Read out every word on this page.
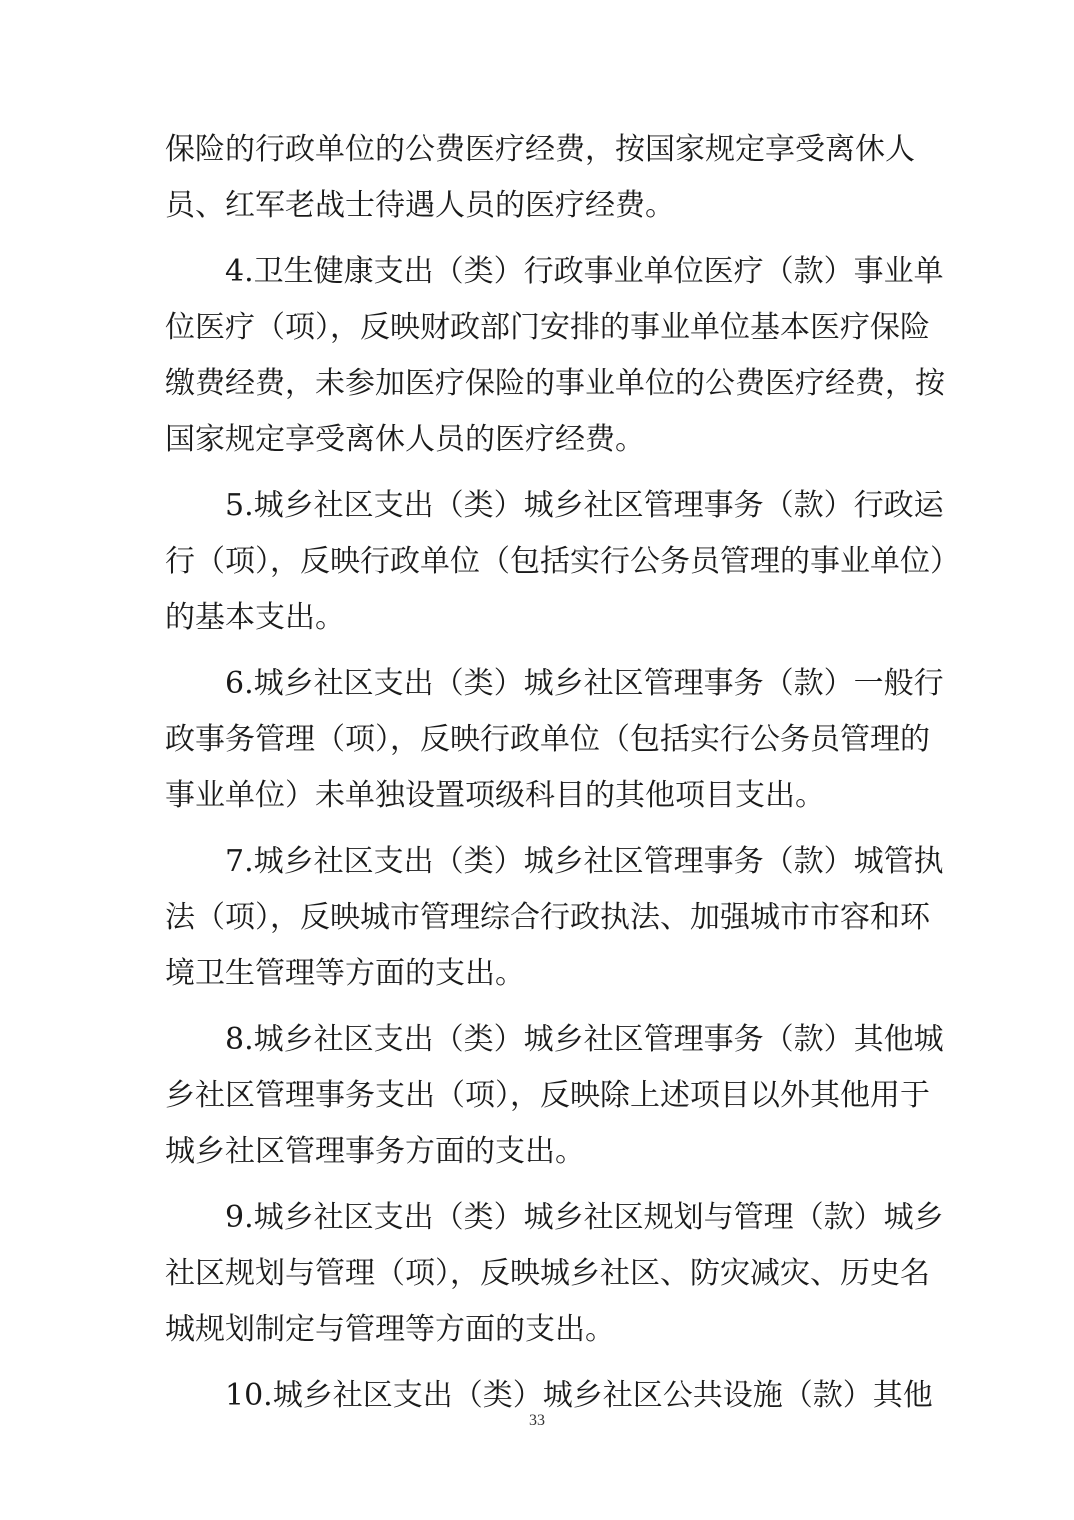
保险的行政单位的公费医疗经费，按国家规定享受离休人
员、红军老战士待遇人员的医疗经费。
　　4.卫生健康支出（类）行政事业单位医疗（款）事业单
位医疗（项），反映财政部门安排的事业单位基本医疗保险
缴费经费，未参加医疗保险的事业单位的公费医疗经费，按
国家规定享受离休人员的医疗经费。
　　5.城乡社区支出（类）城乡社区管理事务（款）行政运
行（项），反映行政单位（包括实行公务员管理的事业单位）
的基本支出。
　　6.城乡社区支出（类）城乡社区管理事务（款）一般行
政事务管理（项），反映行政单位（包括实行公务员管理的
事业单位）未单独设置项级科目的其他项目支出。
　　7.城乡社区支出（类）城乡社区管理事务（款）城管执
法（项），反映城市管理综合行政执法、加强城市市容和环
境卫生管理等方面的支出。
　　8.城乡社区支出（类）城乡社区管理事务（款）其他城
乡社区管理事务支出（项），反映除上述项目以外其他用于
城乡社区管理事务方面的支出。
　　9.城乡社区支出（类）城乡社区规划与管理（款）城乡
社区规划与管理（项），反映城乡社区、防灾减灾、历史名
城规划制定与管理等方面的支出。
　　10.城乡社区支出（类）城乡社区公共设施（款）其他
33
